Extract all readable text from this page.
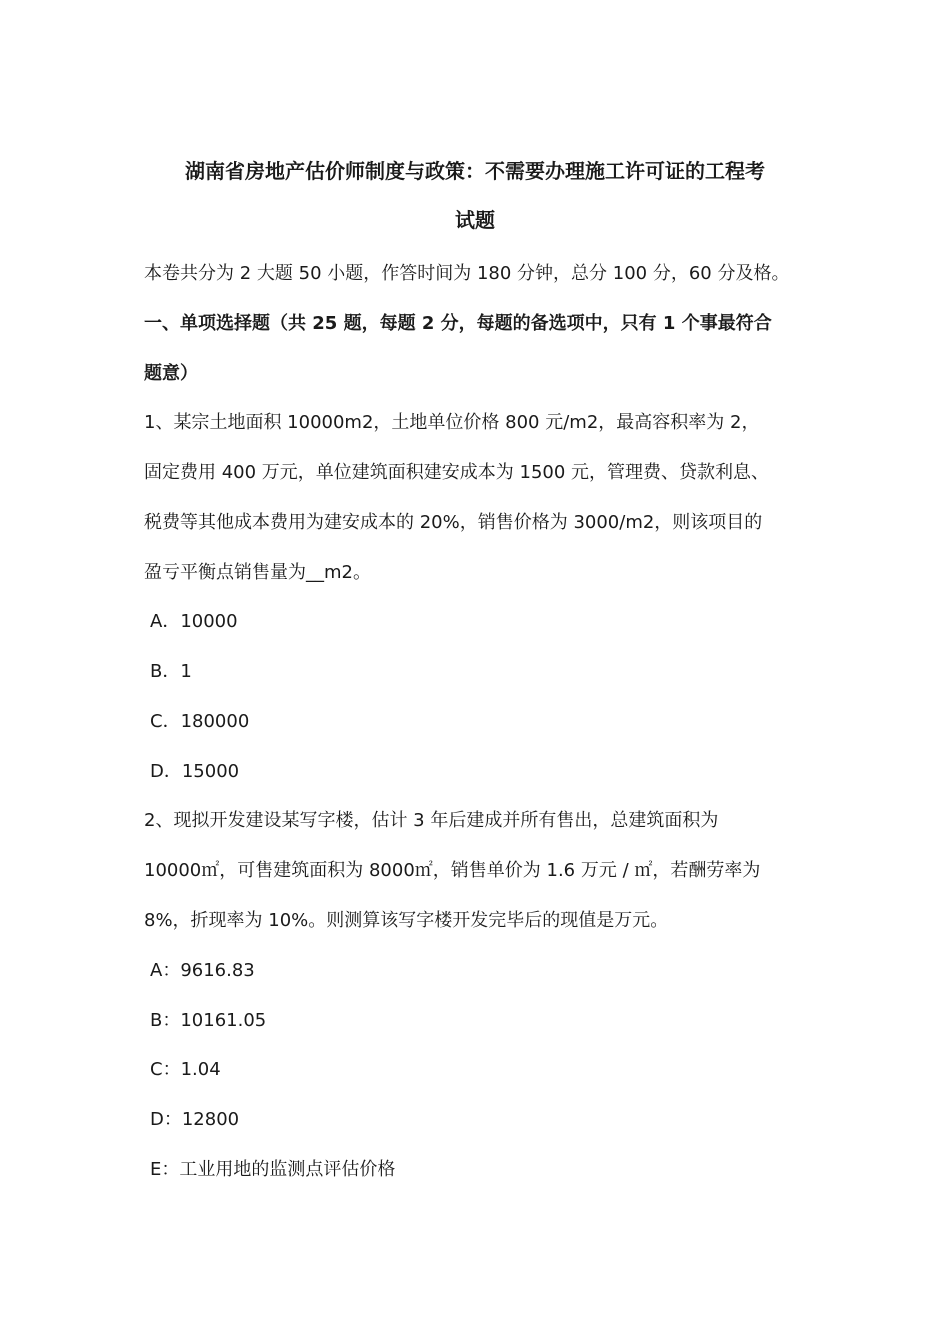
湖南省房地产估价师制度与政策：不需要办理施工许可证的工程考
试题

本卷共分为 2 大题 50 小题，作答时间为 180 分钟，总分 100 分，60 分及格。

一、单项选择题（共 25 题，每题 2 分，每题的备选项中，只有 1 个事最符合

题意）

1、某宗土地面积 10000m2，土地单位价格 800 元/m2，最高容积率为 2，

固定费用 400 万元，单位建筑面积建安成本为 1500 元，管理费、贷款利息、

税费等其他成本费用为建安成本的 20%，销售价格为 3000/m2，则该项目的

盈亏平衡点销售量为__m2。

A．10000

B．1

C．180000

D．15000

2、现拟开发建设某写字楼，估计 3 年后建成并所有售出，总建筑面积为

10000㎡，可售建筑面积为 8000㎡，销售单价为 1.6 万元 / ㎡，若酬劳率为

8%，折现率为 10%。则测算该写字楼开发完毕后的现值是万元。

A：9616.83

B：10161.05

C：1.04

D：12800

E：工业用地的监测点评估价格
